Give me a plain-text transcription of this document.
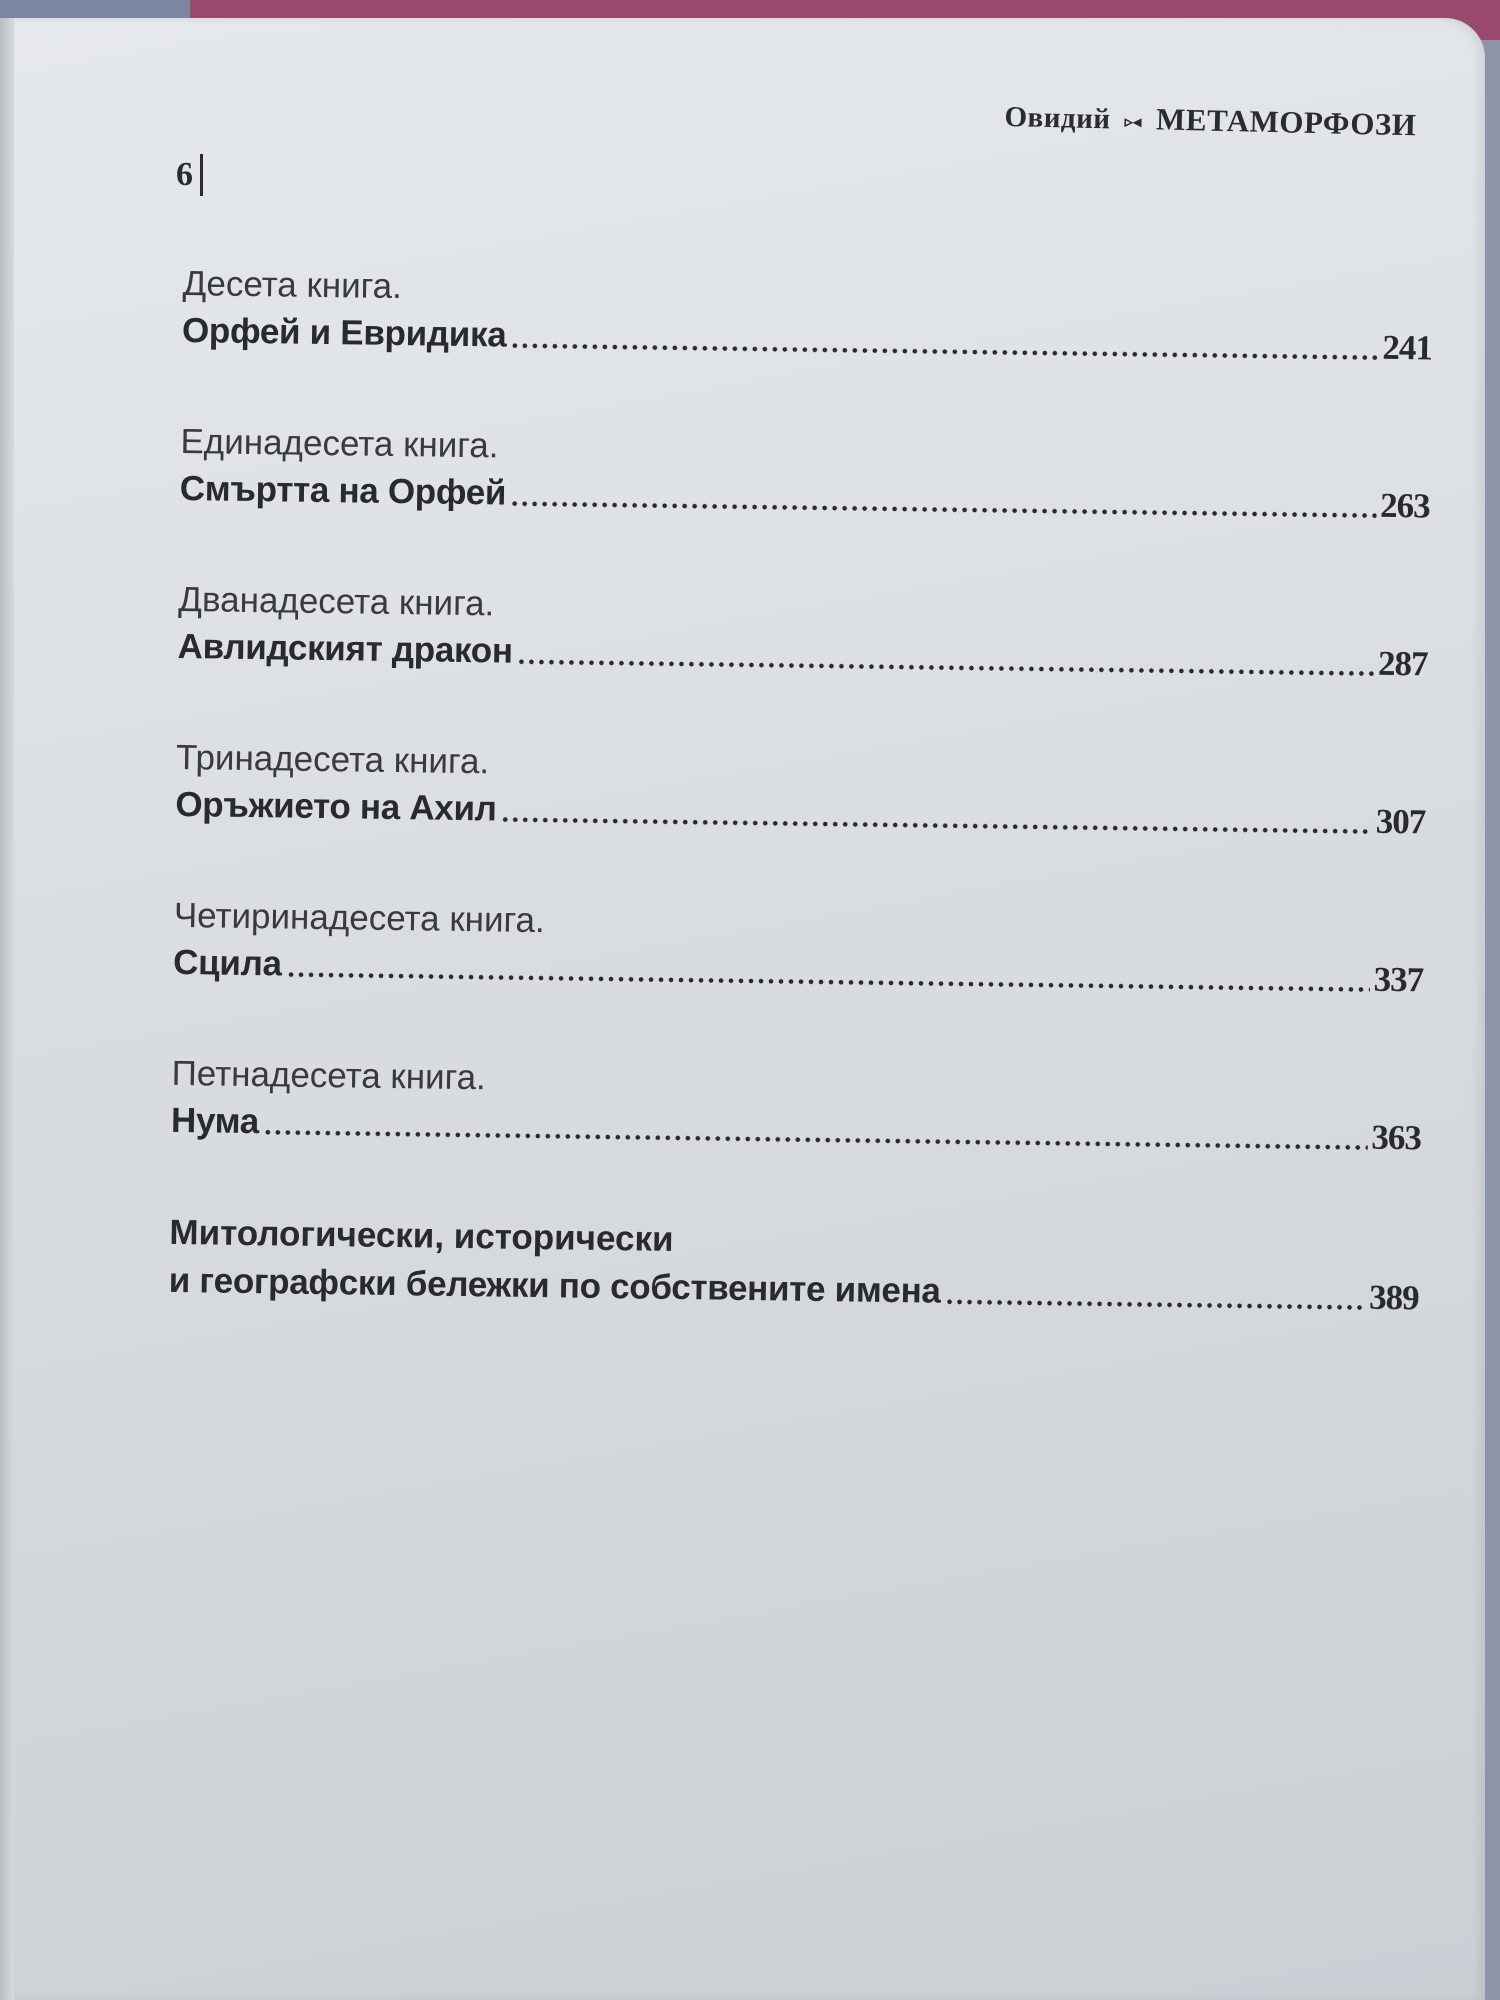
Овидий ▹◂ МЕТАМОРФОЗИ
6
Десета книга.
Орфей и Евридика	241
Единадесета книга.
Смъртта на Орфей	263
Дванадесета книга.
Авлидският дракон	287
Тринадесета книга.
Оръжието на Ахил	307
Четиринадесета книга.
Сцила	337
Петнадесета книга.
Нума	363
Митологически, исторически
и географски бележки по собствените имена	389
